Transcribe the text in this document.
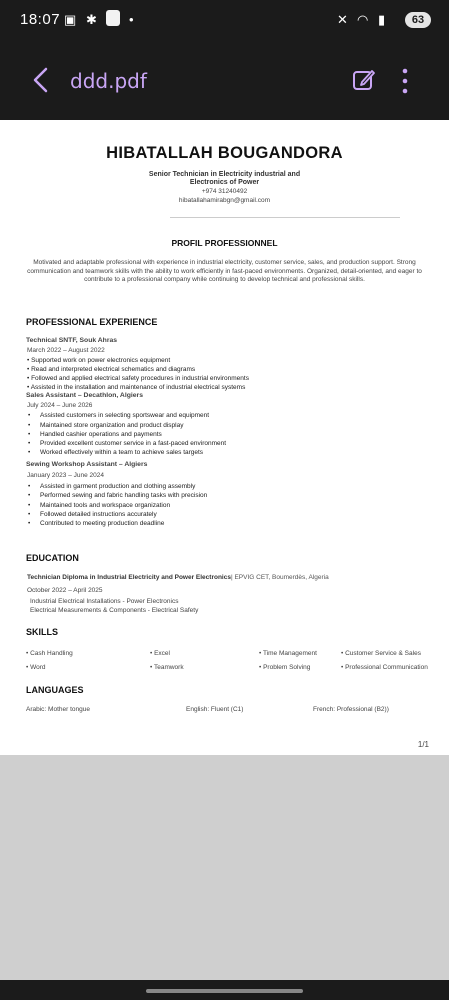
18:07 ▣ ✱ •	✕ ◠ ▮	63
ddd.pdf
HIBATALLAH BOUGANDORA
Senior Technician in Electricity industrial and
Electronics of Power
+974 31240492
hibatallahamirabgn@gmail.com
PROFIL PROFESSIONNEL
Motivated and adaptable professional with experience in industrial electricity, customer service, sales, and production support. Strong communication and teamwork skills with the ability to work efficiently in fast-paced environments. Organized, detail-oriented, and eager to contribute to a professional company while continuing to develop technical and professional skills.
PROFESSIONAL EXPERIENCE
Technical SNTF, Souk Ahras
March 2022 – August 2022
• Supported work on power electronics equipment
• Read and interpreted electrical schematics and diagrams
• Followed and applied electrical safety procedures in industrial environments
• Assisted in the installation and maintenance of industrial electrical systems
Sales Assistant – Decathlon, Algiers
July 2024 – June 2026
• Assisted customers in selecting sportswear and equipment
• Maintained store organization and product display
• Handled cashier operations and payments
• Provided excellent customer service in a fast-paced environment
• Worked effectively within a team to achieve sales targets
Sewing Workshop Assistant – Algiers
January 2023 – June 2024
• Assisted in garment production and clothing assembly
• Performed sewing and fabric handling tasks with precision
• Maintained tools and workspace organization
• Followed detailed instructions accurately
• Contributed to meeting production deadline
EDUCATION
Technician Diploma in Industrial Electricity and Power Electronics| EPVIG CET, Boumerdès, Algeria
October 2022 – April 2025
Industrial Electrical Installations - Power Electronics
Electrical Measurements & Components - Electrical Safety
SKILLS
• Cash Handling	• Excel	• Time Management	• Customer Service & Sales
• Word	• Teamwork	• Problem Solving	• Professional Communication
LANGUAGES
Arabic: Mother tongue	English: Fluent (C1)	French: Professional (B2))
1/1
